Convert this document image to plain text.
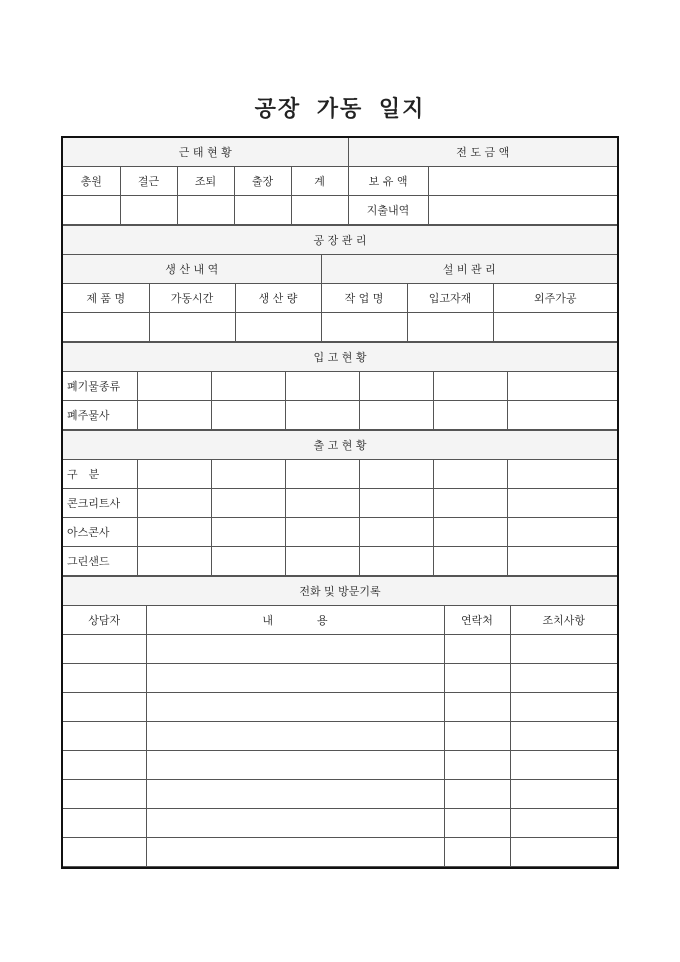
공장 가동 일지
근 태 현 황					전 도 금 액	
총원	결근	조퇴	출장	계	보 유 액	
					지출내역	
공 장 관 리					
생 산 내 역			설 비 관 리		
제 품 명	가동시간	생 산 량	작 업 명	입고자재	외주가공

입 고 현 황						
폐기물종류						
폐주물사						
출 고 현 황						
구　분						
콘크리트사						
아스콘사						
그린샌드						
전화 및 방문기록			
상담자	내　　　　용	연락처	조치사항
